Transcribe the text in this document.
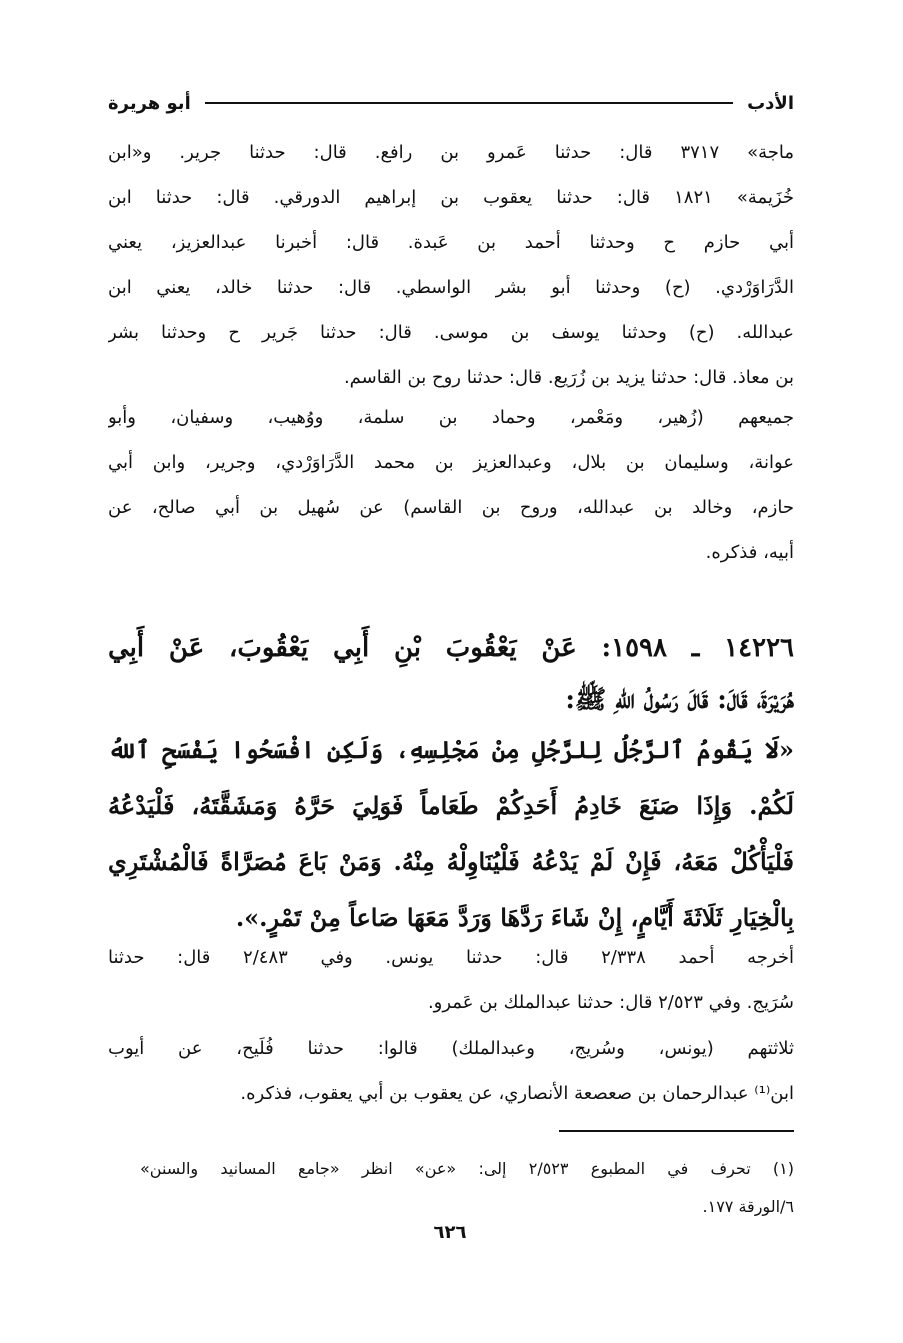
الأدب
أبو هريرة
ماجة» ٣٧١٧ قال: حدثنا عَمرو بن رافع. قال: حدثنا جرير. و«ابن
خُزَيمة» ١٨٢١ قال: حدثنا يعقوب بن إبراهيم الدورقي. قال: حدثنا ابن
أبي حازم ح وحدثنا أحمد بن عَبدة. قال: أخبرنا عبدالعزيز، يعني
الدَّرَاوَرْدي. (ح) وحدثنا أبو بشر الواسطي. قال: حدثنا خالد، يعني ابن
عبدالله. (ح) وحدثنا يوسف بن موسى. قال: حدثنا جَرير ح وحدثنا بشر
بن معاذ. قال: حدثنا يزيد بن زُرَيع. قال: حدثنا روح بن القاسم.
جميعهم (زُهير، ومَعْمر، وحماد بن سلمة، ووُهيب، وسفيان، وأبو
عوانة، وسليمان بن بلال، وعبدالعزيز بن محمد الدَّرَاوَرْدي، وجرير، وابن أبي
حازم، وخالد بن عبدالله، وروح بن القاسم) عن سُهيل بن أبي صالح، عن
أبيه، فذكره.
١٤٢٢٦ ـ ١٥٩٨: عَنْ يَعْقُوبَ بْنِ أَبِي يَعْقُوبَ، عَنْ أَبِي
هُرَيْرَةَ، قَالَ: قَالَ رَسُولُ اللهِ ﷺ:
«لَا يَقُومُ ٱلرَّجُلُ لِلرَّجُلِ مِنْ مَجْلِسِهِ، وَلَكِن افْسَحُوا يَفْسَحِ ٱللهُ
لَكُمْ. وَإِذَا صَنَعَ خَادِمُ أَحَدِكُمْ طَعَاماً فَوَلِيَ حَرَّهُ وَمَشَقَّتَهُ، فَلْيَدْعُهُ
فَلْيَأْكُلْ مَعَهُ، فَإِنْ لَمْ يَدْعُهُ فَلْيُنَاوِلْهُ مِنْهُ. وَمَنْ بَاعَ مُصَرَّاةً فَالْمُشْتَرِي
بِالْخِيَارِ ثَلَاثَةَ أَيَّامٍ، إِنْ شَاءَ رَدَّهَا وَرَدَّ مَعَهَا صَاعاً مِنْ تَمْرٍ.».
أخرجه أحمد ٢/٣٣٨ قال: حدثنا يونس. وفي ٢/٤٨٣ قال: حدثنا
سُرَيج. وفي ٢/٥٢٣ قال: حدثنا عبدالملك بن عَمرو.
ثلاثتهم (يونس، وسُريج، وعبدالملك) قالوا: حدثنا فُلَيح، عن أيوب
ابن⁽¹⁾ عبدالرحمان بن صعصعة الأنصاري، عن يعقوب بن أبي يعقوب، فذكره.
(١) تحرف في المطبوع ٢/٥٢٣ إلى: «عن» انظر «جامع المسانيد والسنن»
٦/الورقة ١٧٧.
٦٢٦
